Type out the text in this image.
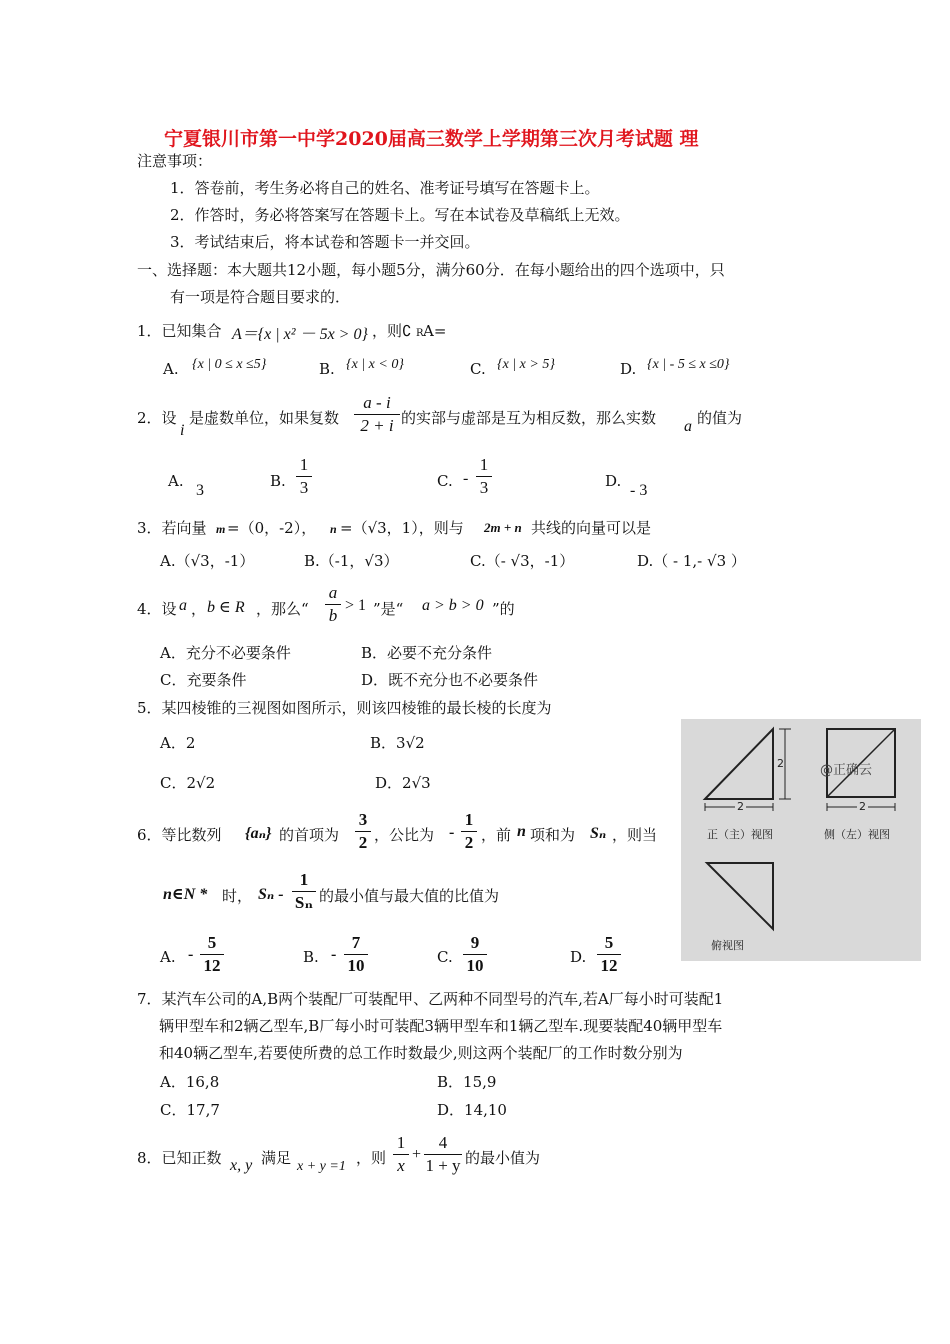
宁夏银川市第一中学2020届高三数学上学期第三次月考试题 理
注意事项：
1．答卷前，考生务必将自己的姓名、准考证号填写在答题卡上。
2．作答时，务必将答案写在答题卡上。写在本试卷及草稿纸上无效。
3．考试结束后，将本试卷和答题卡一并交回。
一、选择题：本大题共12小题，每小题5分，满分60分．在每小题给出的四个选项中，只
有一项是符合题目要求的．
1．已知集合 A＝{x | x² － 5x > 0} ，则∁ R A=
A. {x | 0 ≤ x ≤5}	B. {x | x < 0}	C. {x | x > 5}	D. {x | - 5 ≤ x ≤0}
2．设
i
是虚数单位，如果复数
a - i
2 + i 的实部与虚部是互为相反数，那么实数 a 的值为
A.
3
B.
1
3	C. -
1
3	D.
- 3
3．若向量 m =（0，-2）， n =（√3，1），则与 2m + n 共线的向量可以是
A.（√3，-1）	B.（-1，√3）	C.（- √3，-1）	D.（ - 1,- √3 ）
4．设 a ， b ∈ R ，那么“
a
b
> 1 ”是“ a > b > 0 ”的
A．充分不必要条件	B．必要不充分条件
C．充要条件	D．既不充分也不必要条件
5．某四棱锥的三视图如图所示，则该四棱锥的最长棱的长度为
A．2	B．3√2
C．2√2	D．2√3
2
2	2
@正确云
正（主）视图	侧（左）视图
俯视图
6．等比数列 {aₙ} 的首项为
3
2 ，公比为 -
1
2 ，前 n 项和为 Sₙ ，则当
n∈N * 时， Sₙ -
1
Sₙ 的最小值与最大值的比值为
A. -
5
12	B. -
7
10	C.
9
10	D.
5
12
7．某汽车公司的A,B两个装配厂可装配甲、乙两种不同型号的汽车,若A厂每小时可装配1
辆甲型车和2辆乙型车,B厂每小时可装配3辆甲型车和1辆乙型车.现要装配40辆甲型车
和40辆乙型车,若要使所费的总工作时数最少,则这两个装配厂的工作时数分别为
A．16,8	B．15,9
C．17,7	D．14,10
8．已知正数 x, y 满足 x + y =1 ，则
1
x
+
4
1 + y 的最小值为
